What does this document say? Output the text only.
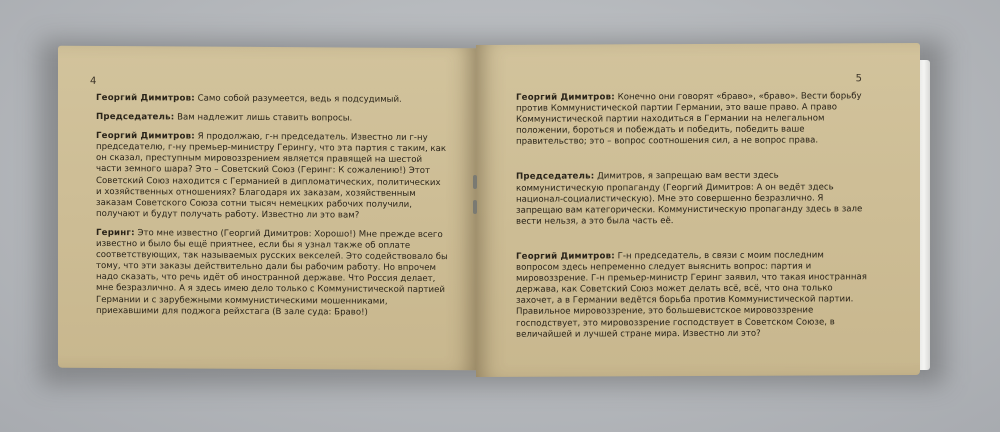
4

Георгий Димитров: Само собой разумеется, ведь я подсудимый.

Председатель: Вам надлежит лишь ставить вопросы.

Георгий Димитров: Я продолжаю, г-н председатель. Известно ли г-ну председателю, г-ну премьер-министру Герингу, что эта партия с таким, как он сказал, преступным мировоззрением является правящей на шестой части земного шара? Это – Советский Союз (Геринг: К сожалению!) Этот Советский Союз находится с Германией в дипломатических, политических и хозяйственных отношениях? Благодаря их заказам, хозяйственным заказам Советского Союза сотни тысяч немецких рабочих получили, получают и будут получать работу. Известно ли это вам?

Геринг: Это мне известно (Георгий Димитров: Хорошо!) Мне прежде всего известно и было бы ещё приятнее, если бы я узнал также об оплате соответствующих, так называемых русских векселей. Это содействовало бы тому, что эти заказы действительно дали бы рабочим работу. Но впрочем надо сказать, что речь идёт об иностранной державе. Что Россия делает, мне безразлично. А я здесь имею дело только с Коммунистической партией Германии и с зарубежными коммунистическими мошенниками, приехавшими для поджога рейхстага (В зале суда: Браво!)

5

Георгий Димитров: Конечно они говорят «браво», «браво». Вести борьбу против Коммунистической партии Германии, это ваше право. А право Коммунистической партии находиться в Германии на нелегальном положении, бороться и побеждать и победить, победить ваше правительство; это – вопрос соотношения сил, а не вопрос права.

Председатель: Димитров, я запрещаю вам вести здесь коммунистическую пропаганду (Георгий Димитров: А он ведёт здесь национал-социалистическую). Мне это совершенно безразлично. Я запрещаю вам категорически. Коммунистическую пропаганду здесь в зале вести нельзя, а это была часть её.

Георгий Димитров: Г-н председатель, в связи с моим последним вопросом здесь непременно следует выяснить вопрос: партия и мировоззрение. Г-н премьер-министр Геринг заявил, что такая иностранная держава, как Советский Союз может делать всё, всё, что она только захочет, а в Германии ведётся борьба против Коммунистической партии. Правильное мировоззрение, это большевистское мировоззрение господствует, это мировоззрение господствует в Советском Союзе, в величайшей и лучшей стране мира. Известно ли это?
